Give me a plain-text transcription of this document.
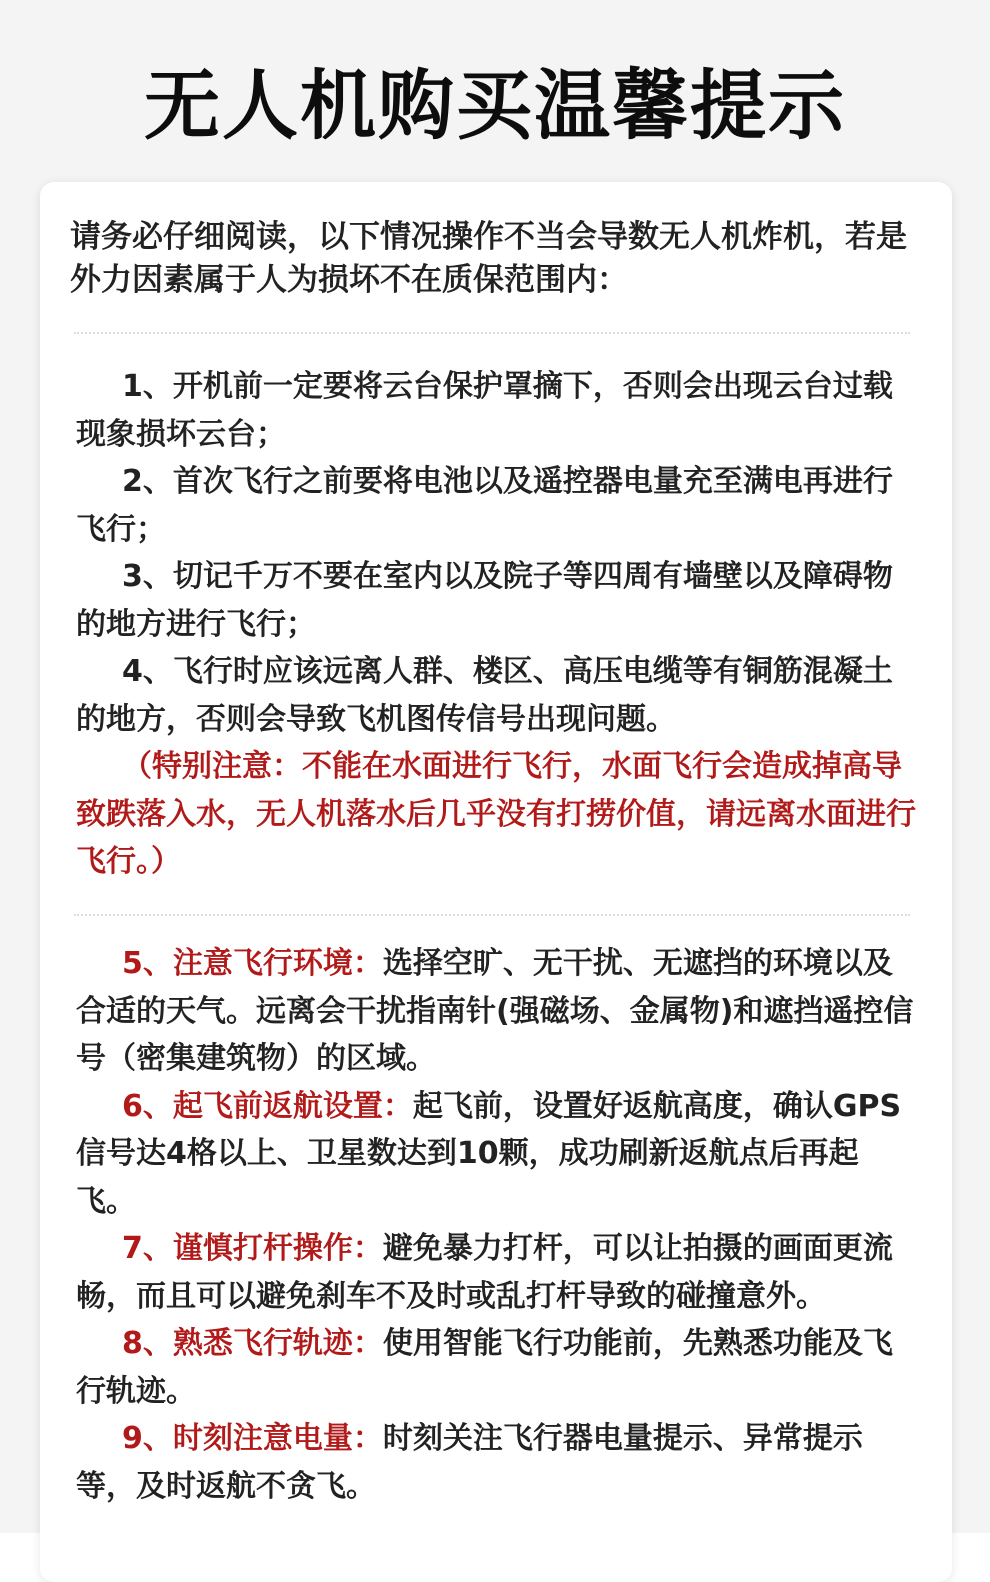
无人机购买温馨提示
请务必仔细阅读，以下情况操作不当会导数无人机炸机，若是外力因素属于人为损坏不在质保范围内：

1、开机前一定要将云台保护罩摘下，否则会出现云台过载现象损坏云台；

2、首次飞行之前要将电池以及遥控器电量充至满电再进行飞行；

3、切记千万不要在室内以及院子等四周有墙壁以及障碍物的地方进行飞行；

4、飞行时应该远离人群、楼区、高压电缆等有铜筋混凝土的地方，否则会导致飞机图传信号出现问题。

（特别注意：不能在水面进行飞行，水面飞行会造成掉高导致跌落入水，无人机落水后几乎没有打捞价值，请远离水面进行飞行。）

5、注意飞行环境：选择空旷、无干扰、无遮挡的环境以及合适的天气。远离会干扰指南针(强磁场、金属物)和遮挡遥控信号（密集建筑物）的区域。

6、起飞前返航设置：起飞前，设置好返航高度，确认GPS信号达4格以上、卫星数达到10颗，成功刷新返航点后再起飞。

7、谨慎打杆操作：避免暴力打杆，可以让拍摄的画面更流畅，而且可以避免刹车不及时或乱打杆导致的碰撞意外。

8、熟悉飞行轨迹：使用智能飞行功能前，先熟悉功能及飞行轨迹。

9、时刻注意电量：时刻关注飞行器电量提示、异常提示等，及时返航不贪飞。
